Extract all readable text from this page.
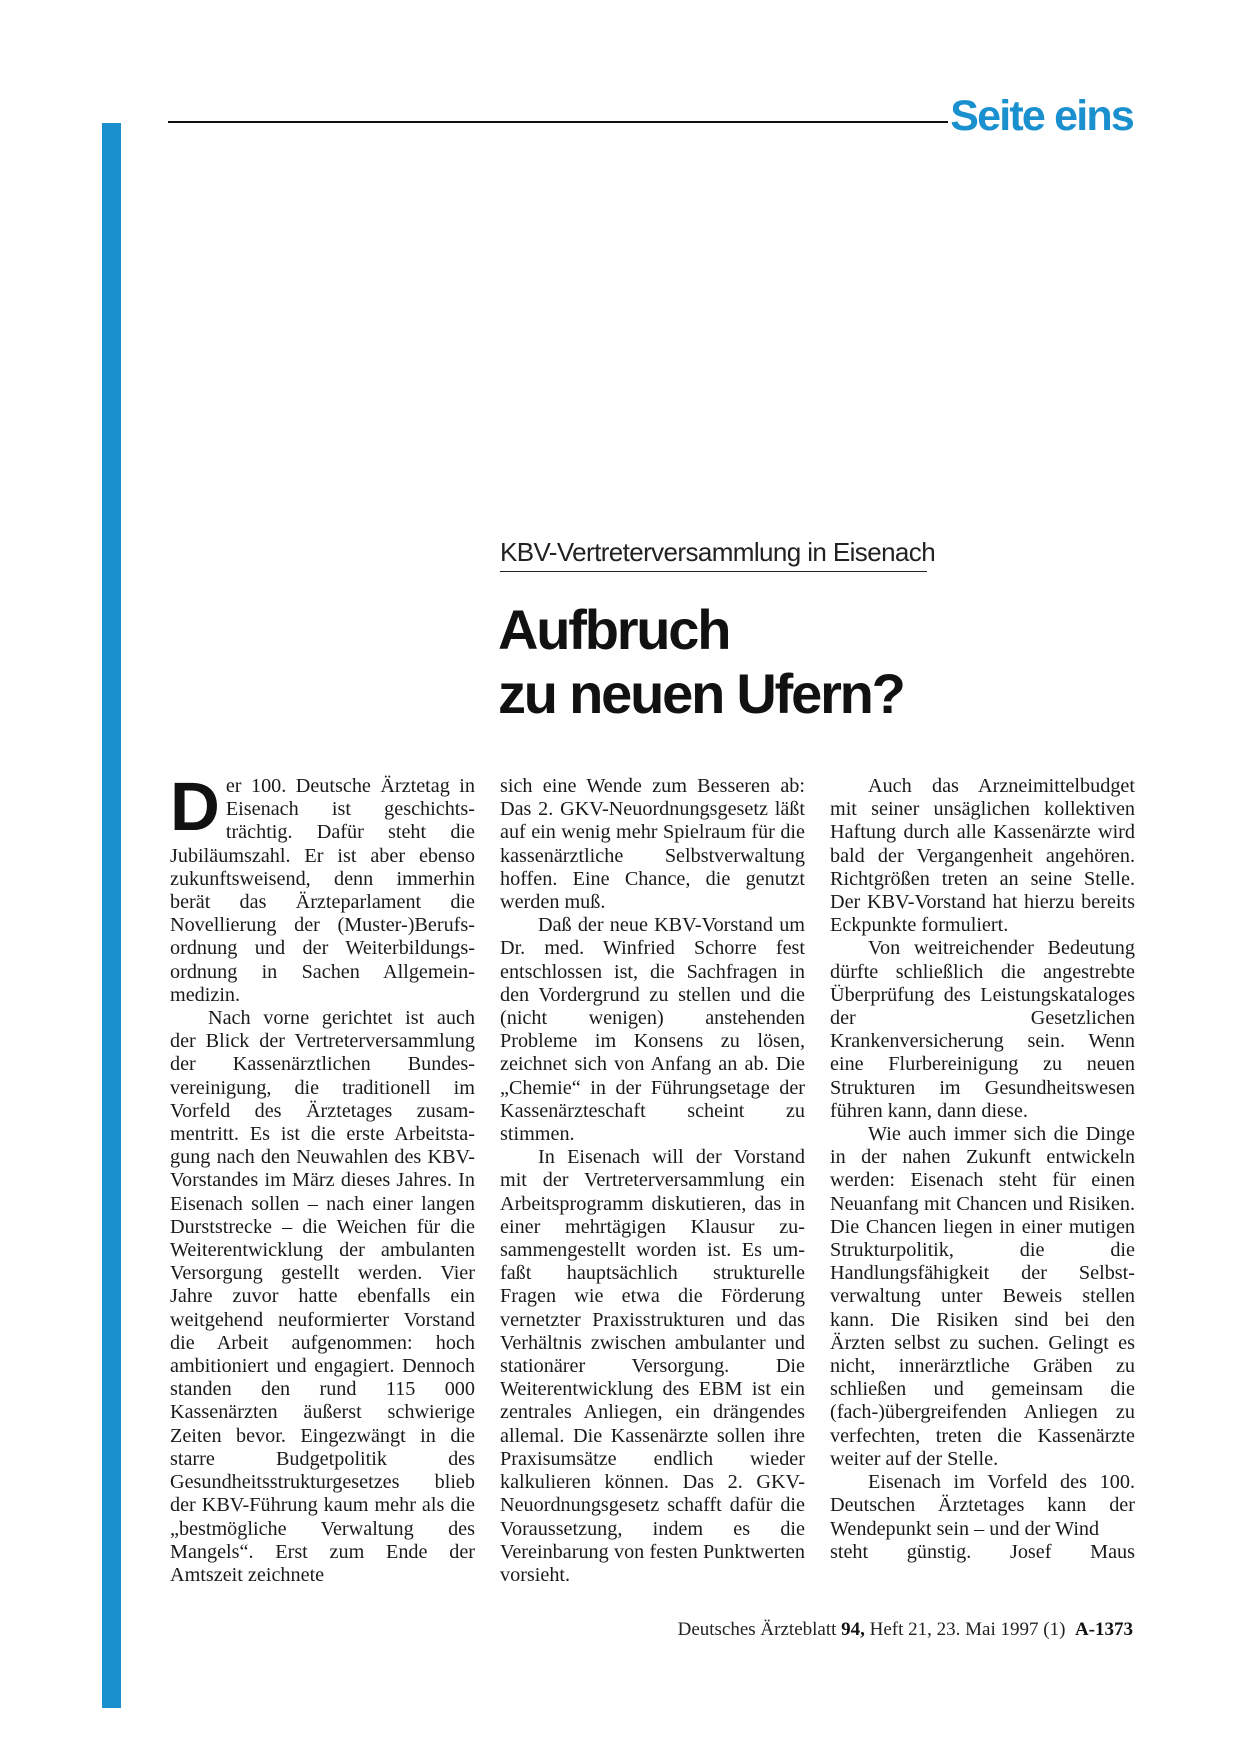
Seite eins
KBV-Vertreterversammlung in Eisenach
Aufbruch
zu neuen Ufern?

Der 100. Deutsche Ärztetag in Eisenach ist geschichtsträchtig. Dafür steht die Jubiläumszahl. Er ist aber ebenso zukunftsweisend, denn immerhin berät das Ärzteparlament die Novellierung der (Muster-)Berufsordnung und der Weiterbildungsordnung in Sachen Allgemeinmedizin.

Nach vorne gerichtet ist auch der Blick der Vertreterversammlung der Kassenärztlichen Bundesvereinigung, die traditionell im Vorfeld des Ärztetages zusammentritt. Es ist die erste Arbeitstagung nach den Neuwahlen des KBV-Vorstandes im März dieses Jahres. In Eisenach sollen – nach einer langen Durststrecke – die Weichen für die Weiterentwicklung der ambulanten Versorgung gestellt werden. Vier Jahre zuvor hatte ebenfalls ein weitgehend neuformierter Vorstand die Arbeit aufgenommen: hoch ambitioniert und engagiert. Dennoch standen den rund 115 000 Kassenärzten äußerst schwierige Zeiten bevor. Eingezwängt in die starre Budgetpolitik des Gesundheitsstrukturgesetzes blieb der KBV-Führung kaum mehr als die „bestmögliche Verwaltung des Mangels“. Erst zum Ende der Amtszeit zeichnete

sich eine Wende zum Besseren ab: Das 2. GKV-Neuordnungsgesetz läßt auf ein wenig mehr Spielraum für die kassenärztliche Selbstverwaltung hoffen. Eine Chance, die genutzt werden muß.

Daß der neue KBV-Vorstand um Dr. med. Winfried Schorre fest entschlossen ist, die Sachfragen in den Vordergrund zu stellen und die (nicht wenigen) anstehenden Probleme im Konsens zu lösen, zeichnet sich von Anfang an ab. Die „Chemie“ in der Führungsetage der Kassenärzteschaft scheint zu stimmen.

In Eisenach will der Vorstand mit der Vertreterversammlung ein Arbeitsprogramm diskutieren, das in einer mehrtägigen Klausur zusammengestellt worden ist. Es umfaßt hauptsächlich strukturelle Fragen wie etwa die Förderung vernetzter Praxisstrukturen und das Verhältnis zwischen ambulanter und stationärer Versorgung. Die Weiterentwicklung des EBM ist ein zentrales Anliegen, ein drängendes allemal. Die Kassenärzte sollen ihre Praxisumsätze endlich wieder kalkulieren können. Das 2. GKV-Neuordnungsgesetz schafft dafür die Voraussetzung, indem es die Vereinbarung von festen Punktwerten vorsieht.

Auch das Arzneimittelbudget mit seiner unsäglichen kollektiven Haftung durch alle Kassenärzte wird bald der Vergangenheit angehören. Richtgrößen treten an seine Stelle. Der KBV-Vorstand hat hierzu bereits Eckpunkte formuliert.

Von weitreichender Bedeutung dürfte schließlich die angestrebte Überprüfung des Leistungskataloges der Gesetzlichen Krankenversicherung sein. Wenn eine Flurbereinigung zu neuen Strukturen im Gesundheitswesen führen kann, dann diese.

Wie auch immer sich die Dinge in der nahen Zukunft entwickeln werden: Eisenach steht für einen Neuanfang mit Chancen und Risiken. Die Chancen liegen in einer mutigen Strukturpolitik, die die Handlungsfähigkeit der Selbstverwaltung unter Beweis stellen kann. Die Risiken sind bei den Ärzten selbst zu suchen. Gelingt es nicht, innerärztliche Gräben zu schließen und gemeinsam die (fach-)übergreifenden Anliegen zu verfechten, treten die Kassenärzte weiter auf der Stelle.

Eisenach im Vorfeld des 100. Deutschen Ärztetages kann der Wendepunkt sein – und der Wind

steht günstig. Josef Maus

Deutsches Ärzteblatt 94, Heft 21, 23. Mai 1997 (1) A-1373
